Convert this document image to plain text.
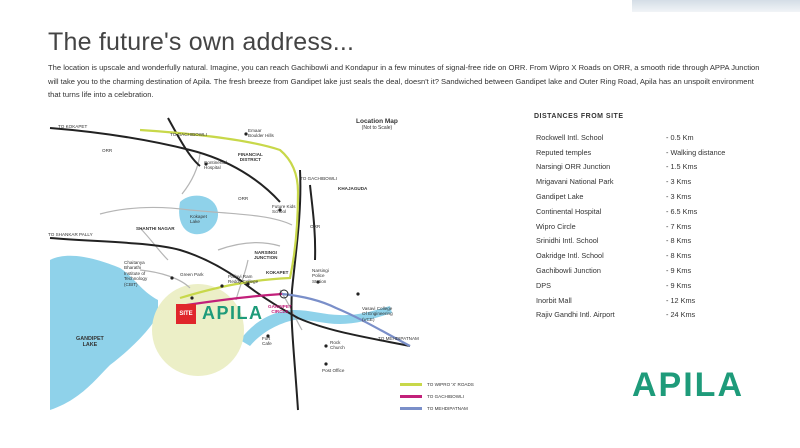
The future's own address...

The location is upscale and wonderfully natural. Imagine, you can reach Gachibowli and Kondapur in a few minutes of signal-free ride on ORR. From Wipro X Roads on ORR, a smooth ride through APPA Junction will take you to the charming destination of Apila. The fresh breeze from Gandipet lake just seals the deal, doesn't it? Sandwiched between Gandipet lake and Outer Ring Road, Apila has an unspoilt environment that turns life into a celebration.

TO KOKAPET
TO GACHIBOWLI
ORR
Emaar
Boulder Hills
Continental
Hospital
FINANCIAL
DISTRICT
TO GACHIBOWLI
KHAJAGUDA
ORR
Future Kids
School
Kokapet
Lake
SHANTHI NAGAR	ORR
NARSINGI
JUNCTION
TO SHANKAR PALLY
Chaitanya
Bharathi
Institute of
Technology
(CBIT)
Green Park	Pallavi Ram
Reddy College
KOKAPET	Narsingi
Police
Station
GANDIPET
CIRCLE
Vasavi College
Of Engineering
(VCE)
TO MEHDIPATNAM
GANDIPET
LAKE
Fort
Cafe	Rock
Church
Post Office
Location Map
(Not to Scale)
SITE APILA
TO WIPRO 'X' ROADS
TO GACHIBOWLI
TO MEHDIPATNAM
DISTANCES FROM SITE
Rockwell Intl. School	- 0.5 Km
Reputed temples	- Walking distance
Narsingi ORR Junction	- 1.5 Kms
Mrigavani National Park	- 3 Kms
Gandipet Lake	- 3 Kms
Continental Hospital	- 6.5 Kms
Wipro Circle	- 7 Kms
Srinidhi Intl. School	- 8 Kms
Oakridge Intl. School	- 8 Kms
Gachibowli Junction	- 9 Kms
DPS	- 9 Kms
Inorbit Mall	- 12 Kms
Rajiv Gandhi Intl. Airport	- 24 Kms
APILA
